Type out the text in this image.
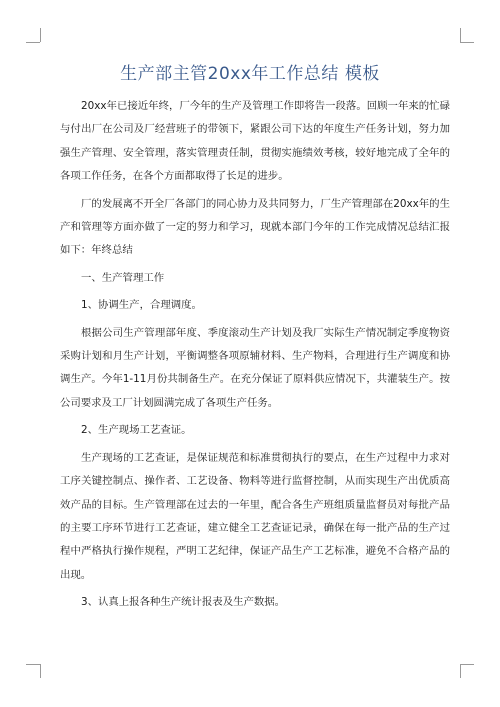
生产部主管20xx年工作总结 模板

20xx年已接近年终，厂今年的生产及管理工作即将告一段落。回顾一年来的忙碌与付出厂在公司及厂经营班子的带领下，紧跟公司下达的年度生产任务计划，努力加强生产管理、安全管理，落实管理责任制，贯彻实施绩效考核，较好地完成了全年的各项工作任务，在各个方面都取得了长足的进步。

厂的发展离不开全厂各部门的同心协力及共同努力，厂生产管理部在20xx年的生产和管理等方面亦做了一定的努力和学习，现就本部门今年的工作完成情况总结汇报如下：年终总结

一、生产管理工作

1、协调生产，合理调度。

根据公司生产管理部年度、季度滚动生产计划及我厂实际生产情况制定季度物资采购计划和月生产计划，平衡调整各项原辅材料、生产物料，合理进行生产调度和协调生产。今年1-11月份共制备生产。在充分保证了原料供应情况下，共灌装生产。按公司要求及工厂计划圆满完成了各项生产任务。

2、生产现场工艺查证。

生产现场的工艺查证，是保证规范和标准贯彻执行的要点，在生产过程中力求对工序关键控制点、操作者、工艺设备、物料等进行监督控制，从而实现生产出优质高效产品的目标。生产管理部在过去的一年里，配合各生产班组质量监督员对每批产品的主要工序环节进行工艺查证，建立健全工艺查证记录，确保在每一批产品的生产过程中严格执行操作规程，严明工艺纪律，保证产品生产工艺标准，避免不合格产品的出现。

3、认真上报各种生产统计报表及生产数据。
